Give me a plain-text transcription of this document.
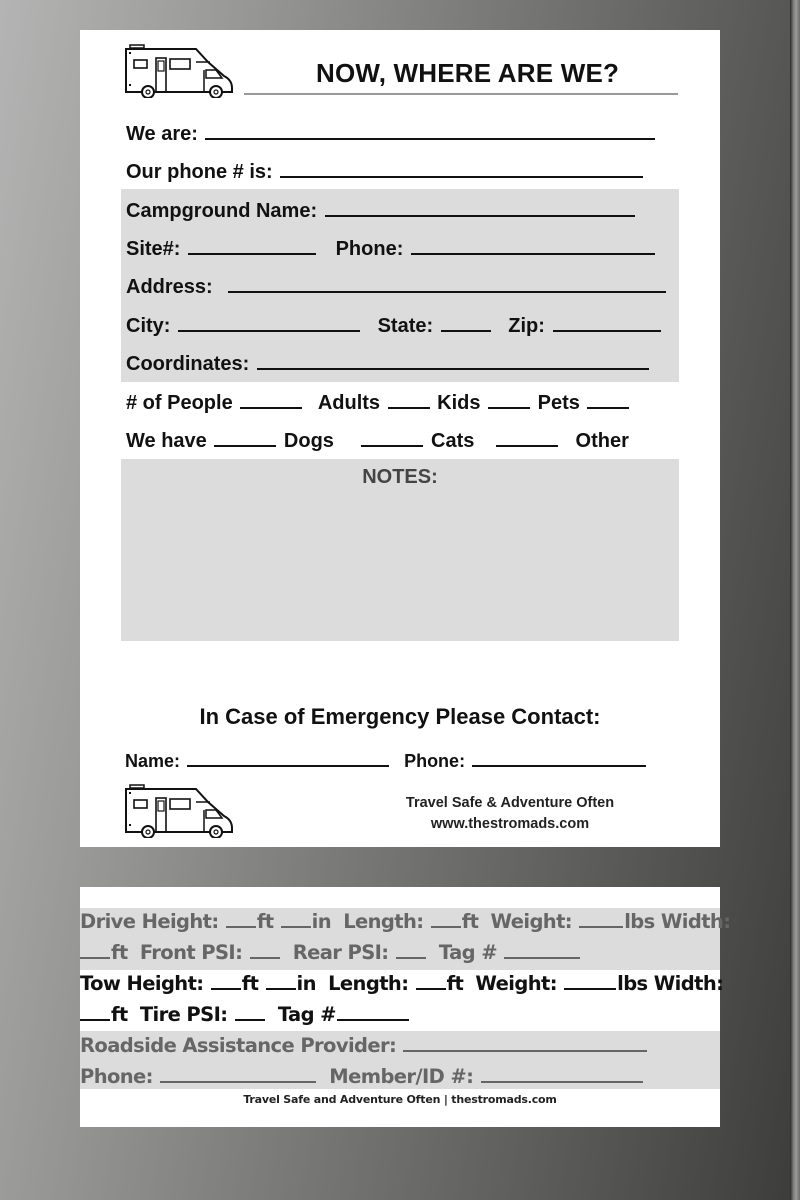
NOW, WHERE ARE WE?
We are:
Our phone # is:
Campground Name:
Site#:	Phone:
Address:
City:	State:	Zip:
Coordinates:
# of People	Adults	Kids	Pets
We have	Dogs	Cats	Other
NOTES:
In Case of Emergency Please Contact:
Name:	Phone:
Travel Safe & Adventure Often
www.thestromads.com
Drive Height: ft in Length: ft Weight:	lbs Width:
ft Front PSI:	Rear PSI:	Tag #
Tow Height: ft in Length: ft Weight:	lbs Width:
ft Tire PSI:	Tag #
Roadside Assistance Provider:
Phone:	Member/ID #:
Travel Safe and Adventure Often | thestromads.com
